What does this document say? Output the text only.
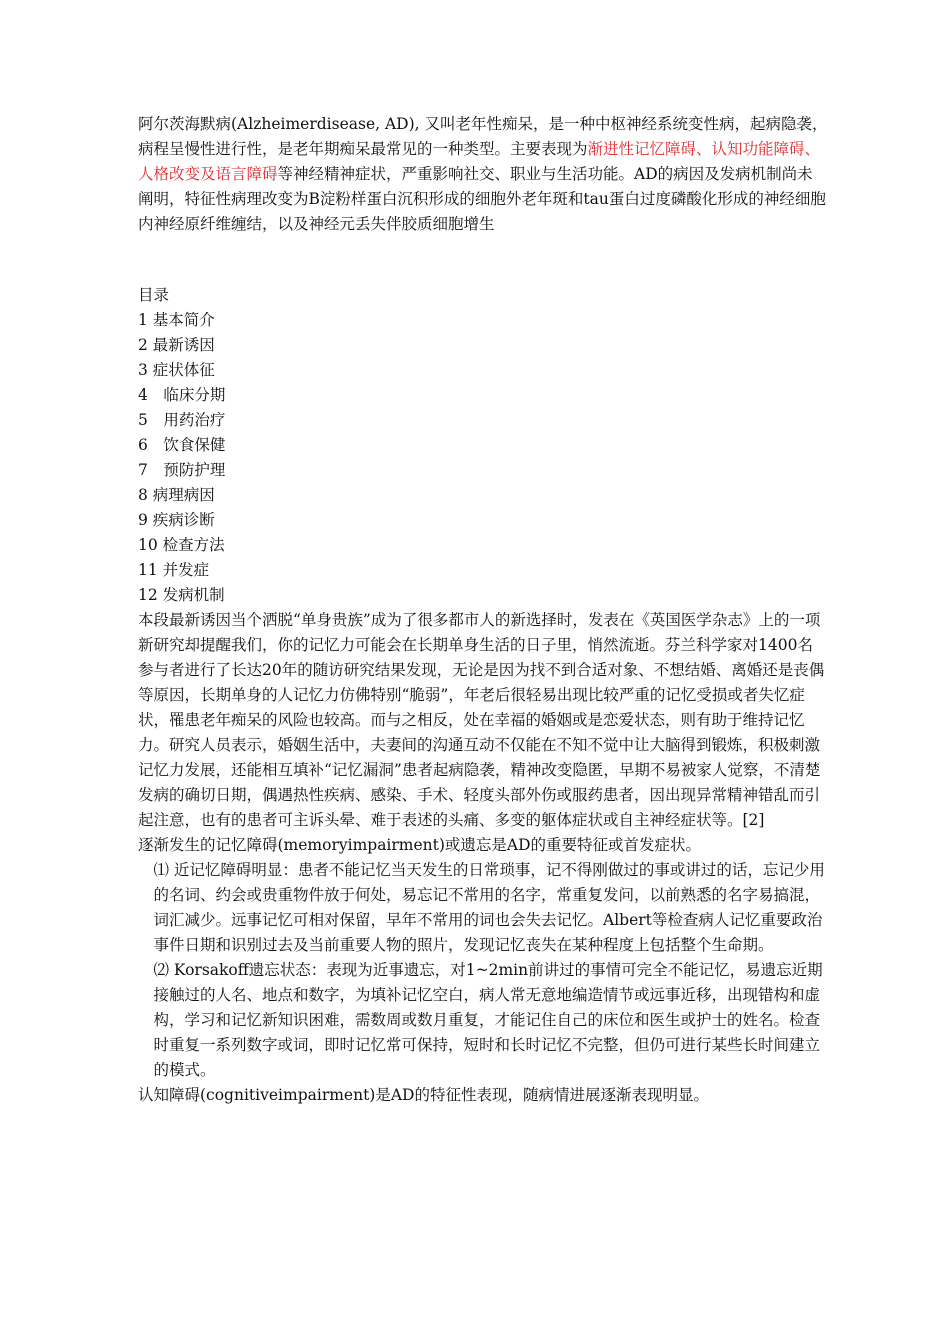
阿尔茨海默病(Alzheimerdisease, AD), 又叫老年性痴呆，是一种中枢神经系统变性病，起病隐袭，病程呈慢性进行性，是老年期痴呆最常见的一种类型。主要表现为渐进性记忆障碍、认知功能障碍、人格改变及语言障碍等神经精神症状，严重影响社交、职业与生活功能。AD的病因及发病机制尚未阐明，特征性病理改变为B淀粉样蛋白沉积形成的细胞外老年斑和tau蛋白过度磷酸化形成的神经细胞内神经原纤维缠结，以及神经元丢失伴胶质细胞增生

目录
1 基本简介
2 最新诱因
3 症状体征
4　临床分期
5　用药治疗
6　饮食保健
7　预防护理
8 病理病因
9 疾病诊断
10 检查方法
11 并发症
12 发病机制

本段最新诱因当个洒脱“单身贵族”成为了很多都市人的新选择时，发表在《英国医学杂志》上的一项新研究却提醒我们，你的记忆力可能会在长期单身生活的日子里，悄然流逝。芬兰科学家对1400名参与者进行了长达20年的随访研究结果发现，无论是因为找不到合适对象、不想结婚、离婚还是丧偶等原因，长期单身的人记忆力仿佛特别“脆弱”，年老后很轻易出现比较严重的记忆受损或者失忆症状，罹患老年痴呆的风险也较高。而与之相反，处在幸福的婚姻或是恋爱状态，则有助于维持记忆力。研究人员表示，婚姻生活中，夫妻间的沟通互动不仅能在不知不觉中让大脑得到锻炼，积极刺激记忆力发展，还能相互填补“记忆漏洞”患者起病隐袭，精神改变隐匿，早期不易被家人觉察，不清楚发病的确切日期，偶遇热性疾病、感染、手术、轻度头部外伤或服药患者，因出现异常精神错乱而引起注意，也有的患者可主诉头晕、难于表述的头痛、多变的躯体症状或自主神经症状等。[2]

逐渐发生的记忆障碍(memoryimpairment)或遗忘是AD的重要特征或首发症状。

⑴ 近记忆障碍明显：患者不能记忆当天发生的日常琐事，记不得刚做过的事或讲过的话，忘记少用的名词、约会或贵重物件放于何处，易忘记不常用的名字，常重复发问，以前熟悉的名字易搞混，词汇减少。远事记忆可相对保留，早年不常用的词也会失去记忆。Albert等检查病人记忆重要政治事件日期和识别过去及当前重要人物的照片，发现记忆丧失在某种程度上包括整个生命期。

⑵ Korsakoff遗忘状态：表现为近事遗忘，对1~2min前讲过的事情可完全不能记忆，易遗忘近期接触过的人名、地点和数字，为填补记忆空白，病人常无意地编造情节或远事近移，出现错构和虚构，学习和记忆新知识困难，需数周或数月重复，才能记住自己的床位和医生或护士的姓名。检查时重复一系列数字或词，即时记忆常可保持，短时和长时记忆不完整，但仍可进行某些长时间建立的模式。

认知障碍(cognitiveimpairment)是AD的特征性表现，随病情进展逐渐表现明显。
